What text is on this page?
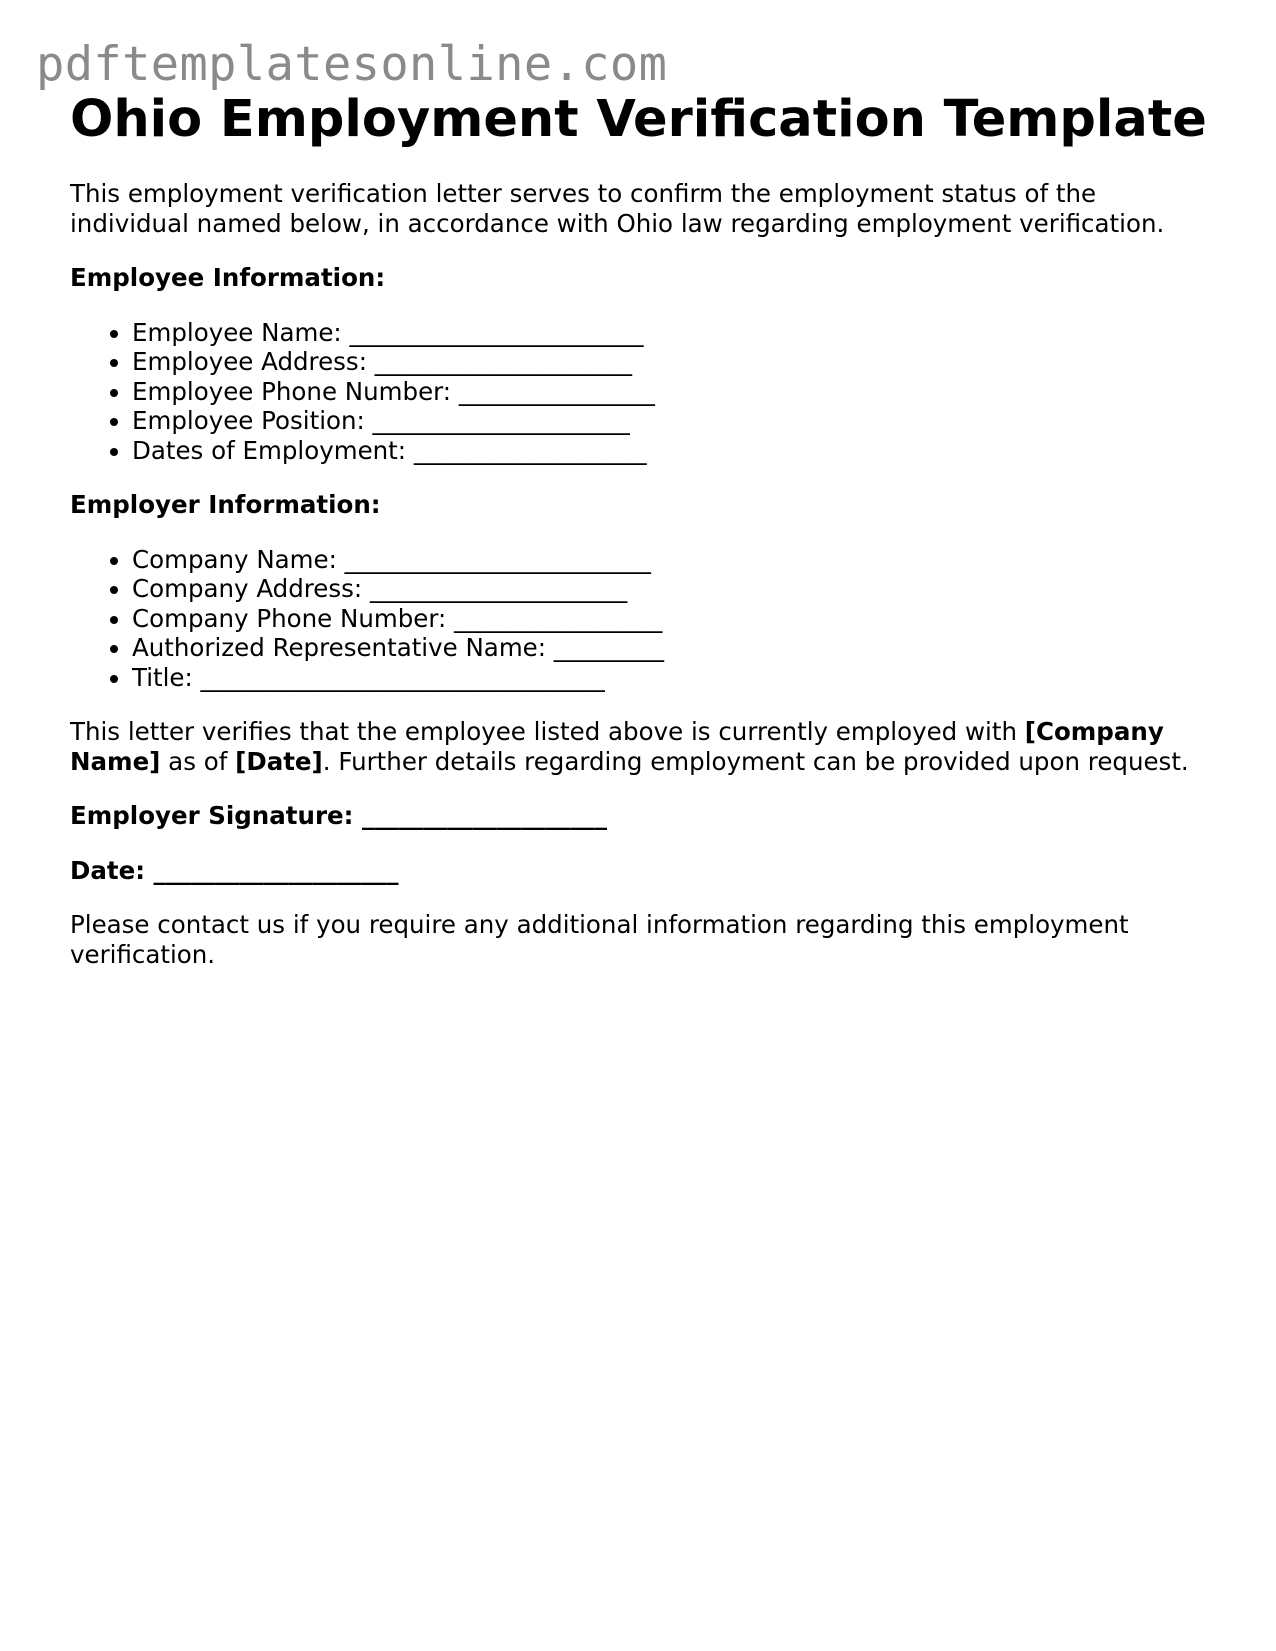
pdftemplatesonline.com
Ohio Employment Verification Template

This employment verification letter serves to confirm the employment status of the individual named below, in accordance with Ohio law regarding employment verification.

Employee Information:

• Employee Name: ________________________
• Employee Address: _____________________
• Employee Phone Number: ________________
• Employee Position: _____________________
• Dates of Employment: ___________________

Employer Information:

• Company Name: _________________________
• Company Address: _____________________
• Company Phone Number: _________________
• Authorized Representative Name: _________
• Title: _________________________________

This letter verifies that the employee listed above is currently employed with [Company Name] as of [Date]. Further details regarding employment can be provided upon request.

Employer Signature: ____________________

Date: ____________________

Please contact us if you require any additional information regarding this employment verification.
